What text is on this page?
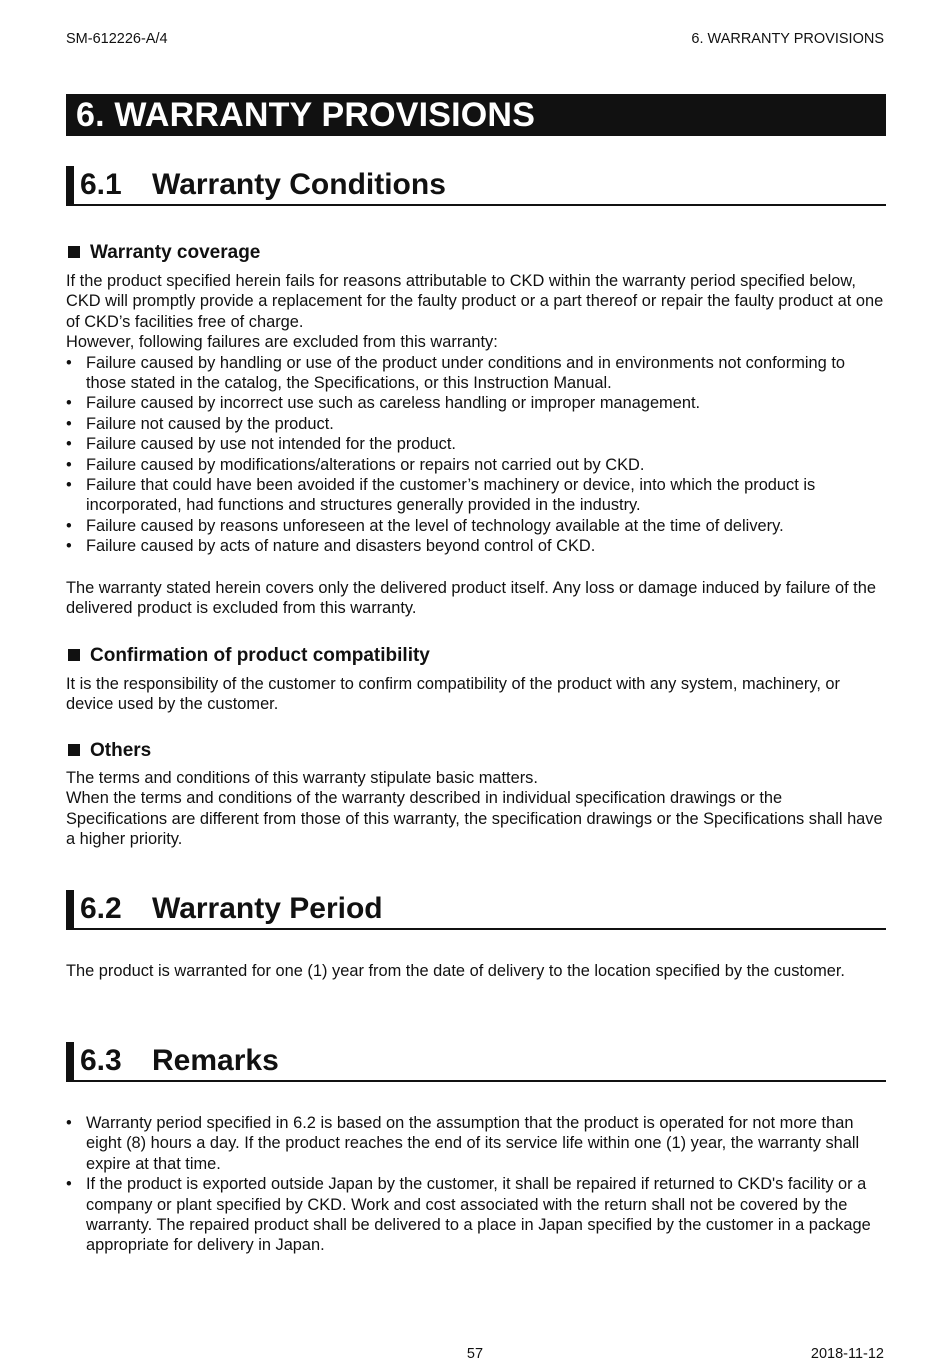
SM-612226-A/4	6. WARRANTY PROVISIONS
6. WARRANTY PROVISIONS
6.1 Warranty Conditions
Warranty coverage

If the product specified herein fails for reasons attributable to CKD within the warranty period specified below, CKD will promptly provide a replacement for the faulty product or a part thereof or repair the faulty product at one of CKD’s facilities free of charge.

However, following failures are excluded from this warranty:

• Failure caused by handling or use of the product under conditions and in environments not conforming to those stated in the catalog, the Specifications, or this Instruction Manual.
• Failure caused by incorrect use such as careless handling or improper management.
• Failure not caused by the product.
• Failure caused by use not intended for the product.
• Failure caused by modifications/alterations or repairs not carried out by CKD.
• Failure that could have been avoided if the customer’s machinery or device, into which the product is incorporated, had functions and structures generally provided in the industry.
• Failure caused by reasons unforeseen at the level of technology available at the time of delivery.
• Failure caused by acts of nature and disasters beyond control of CKD.
The warranty stated herein covers only the delivered product itself. Any loss or damage induced by failure of the delivered product is excluded from this warranty.
Confirmation of product compatibility
It is the responsibility of the customer to confirm compatibility of the product with any system, machinery, or device used by the customer.
Others

The terms and conditions of this warranty stipulate basic matters.

When the terms and conditions of the warranty described in individual specification drawings or the Specifications are different from those of this warranty, the specification drawings or the Specifications shall have a higher priority.

6.2 Warranty Period
The product is warranted for one (1) year from the date of delivery to the location specified by the customer.
6.3 Remarks
• Warranty period specified in 6.2 is based on the assumption that the product is operated for not more than eight (8) hours a day. If the product reaches the end of its service life within one (1) year, the warranty shall expire at that time.
• If the product is exported outside Japan by the customer, it shall be repaired if returned to CKD's facility or a company or plant specified by CKD. Work and cost associated with the return shall not be covered by the warranty. The repaired product shall be delivered to a place in Japan specified by the customer in a package appropriate for delivery in Japan.
57	2018-11-12
